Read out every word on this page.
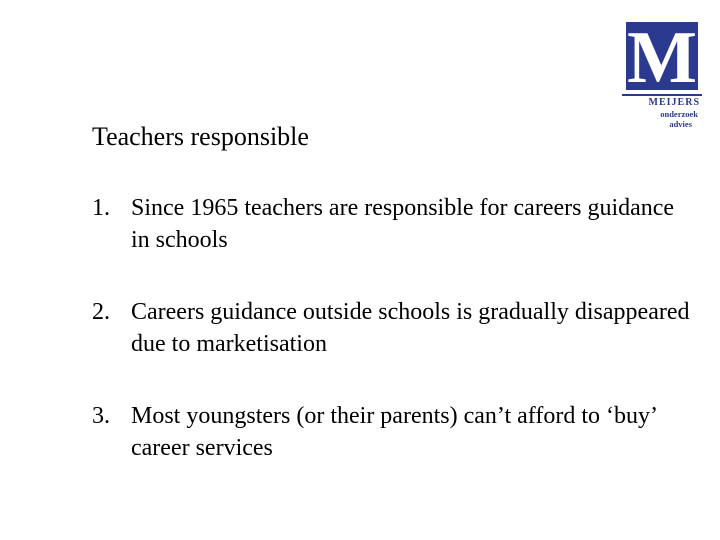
M
MEIJERS
onderzoek
advies
Teachers responsible
1. Since 1965 teachers are responsible for careers guidance in schools
2. Careers guidance outside schools is gradually disappeared due to marketisation
3. Most youngsters (or their parents) can’t afford to ‘buy’ career services
